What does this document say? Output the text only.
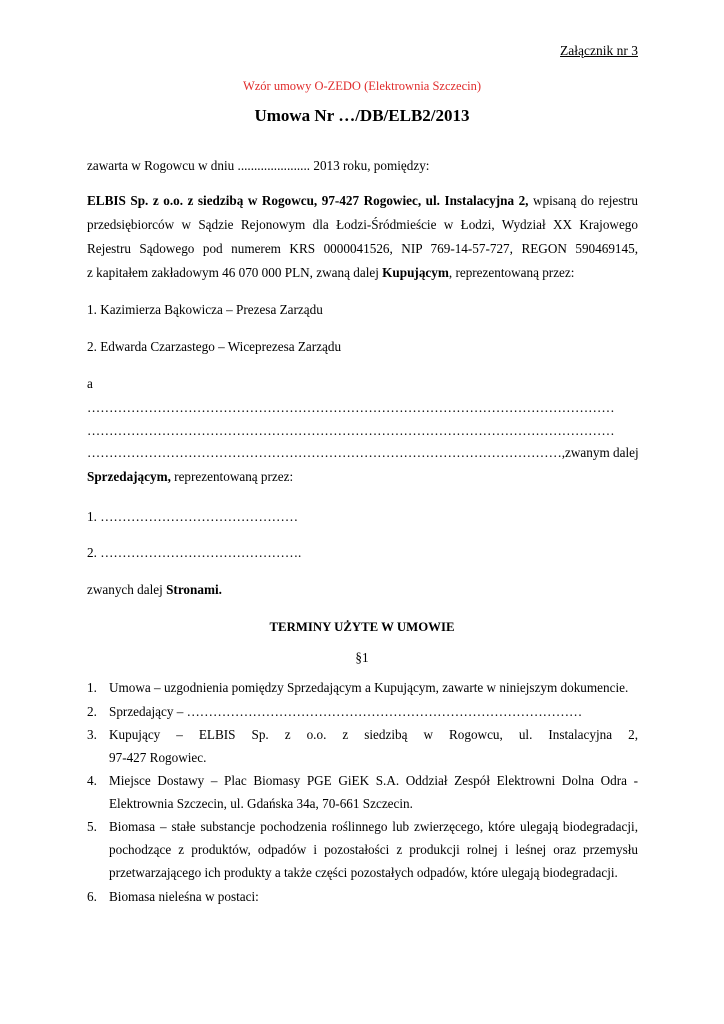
Załącznik nr 3
Wzór umowy O-ZEDO (Elektrownia Szczecin)
Umowa Nr …/DB/ELB2/2013
zawarta w Rogowcu w dniu ...................... 2013 roku, pomiędzy:
ELBIS Sp. z o.o. z siedzibą w Rogowcu, 97-427 Rogowiec, ul. Instalacyjna 2, wpisaną do rejestru
przedsiębiorców w Sądzie Rejonowym dla Łodzi-Śródmieście w Łodzi, Wydział XX Krajowego
Rejestru Sądowego pod numerem KRS 0000041526, NIP 769-14-57-727, REGON 590469145,
z kapitałem zakładowym 46 070 000 PLN, zwaną dalej Kupującym, reprezentowaną przez:
1. Kazimierza Bąkowicza – Prezesa Zarządu
2. Edwarda Czarzastego – Wiceprezesa Zarządu
a
…………………………………………………………………………………………………………
…………………………………………………………………………………………………………
………………………………………………………………………………………………, zwanym dalej
Sprzedającym, reprezentowaną przez:
1. ………………………………………
2. ……………………………………….
zwanych dalej Stronami.
TERMINY UŻYTE W UMOWIE
§1
1. Umowa – uzgodnienia pomiędzy Sprzedającym a Kupującym, zawarte w niniejszym dokumencie.
2. Sprzedający – ………………………………………………………………………………
3. Kupujący – ELBIS Sp. z o.o. z siedzibą w Rogowcu, ul. Instalacyjna 2,
97-427 Rogowiec.
4. Miejsce Dostawy – Plac Biomasy PGE GiEK S.A. Oddział Zespół Elektrowni Dolna Odra -
Elektrownia Szczecin, ul. Gdańska 34a, 70-661 Szczecin.
5. Biomasa – stałe substancje pochodzenia roślinnego lub zwierzęcego, które ulegają biodegradacji,
pochodzące z produktów, odpadów i pozostałości z produkcji rolnej i leśnej oraz przemysłu
przetwarzającego ich produkty a także części pozostałych odpadów, które ulegają biodegradacji.
6. Biomasa nieleśna w postaci:
